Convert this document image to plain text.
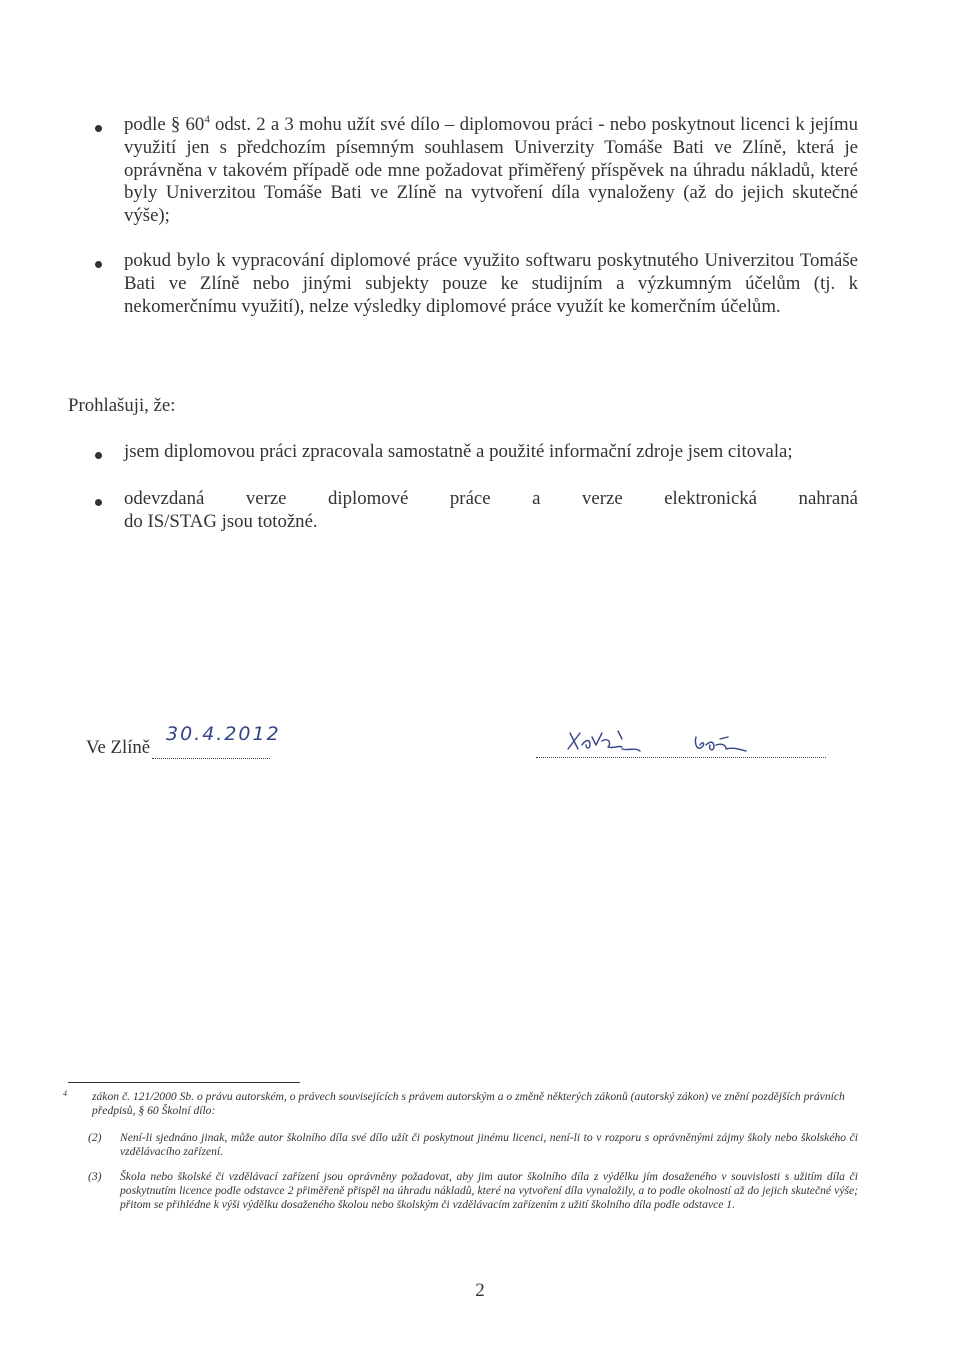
podle § $60^4$ odst. 2 a 3 mohu užít své dílo – diplomovou práci - nebo poskytnout licenci k jejímu využití jen s předchozím písemným souhlasem Univerzity Tomáše Bati ve Zlíně, která je oprávněna v takovém případě ode mne požadovat přiměřený příspěvek na úhradu nákladů, které byly Univerzitou Tomáše Bati ve Zlíně na vytvoření díla vynaloženy (až do jejich skutečné výše);

pokud bylo k vypracování diplomové práce využito softwaru poskytnutého Univerzitou Tomáše Bati ve Zlíně nebo jinými subjekty pouze ke studijním a výzkumným účelům (tj. k nekomerčnímu využití), nelze výsledky diplomové práce využít ke komerčním účelům.

Prohlašuji, že:

jsem diplomovou práci zpracovala samostatně a použité informační zdroje jsem citovala;

odevzdaná verze diplomové práce a verze elektronická nahraná
do IS/STAG jsou totožné.

Ve Zlíně
30.4.2012

4 zákon č. 121/2000 Sb. o právu autorském, o právech souvisejících s právem autorským a o změně některých zákonů (autorský zákon) ve znění pozdějších právních předpisů, § 60 Školní dílo:

(2) Není-li sjednáno jinak, může autor školního díla své dílo užít či poskytnout jinému licenci, není-li to v rozporu s oprávněnými zájmy školy nebo školského či vzdělávacího zařízení.

(3) Škola nebo školské či vzdělávací zařízení jsou oprávněny požadovat, aby jim autor školního díla z výdělku jím dosaženého v souvislosti s užitím díla či poskytnutím licence podle odstavce 2 přiměřeně přispěl na úhradu nákladů, které na vytvoření díla vynaložily, a to podle okolností až do jejich skutečné výše; přitom se přihlédne k výši výdělku dosaženého školou nebo školským či vzdělávacím zařízením z užití školního díla podle odstavce 1.

2
